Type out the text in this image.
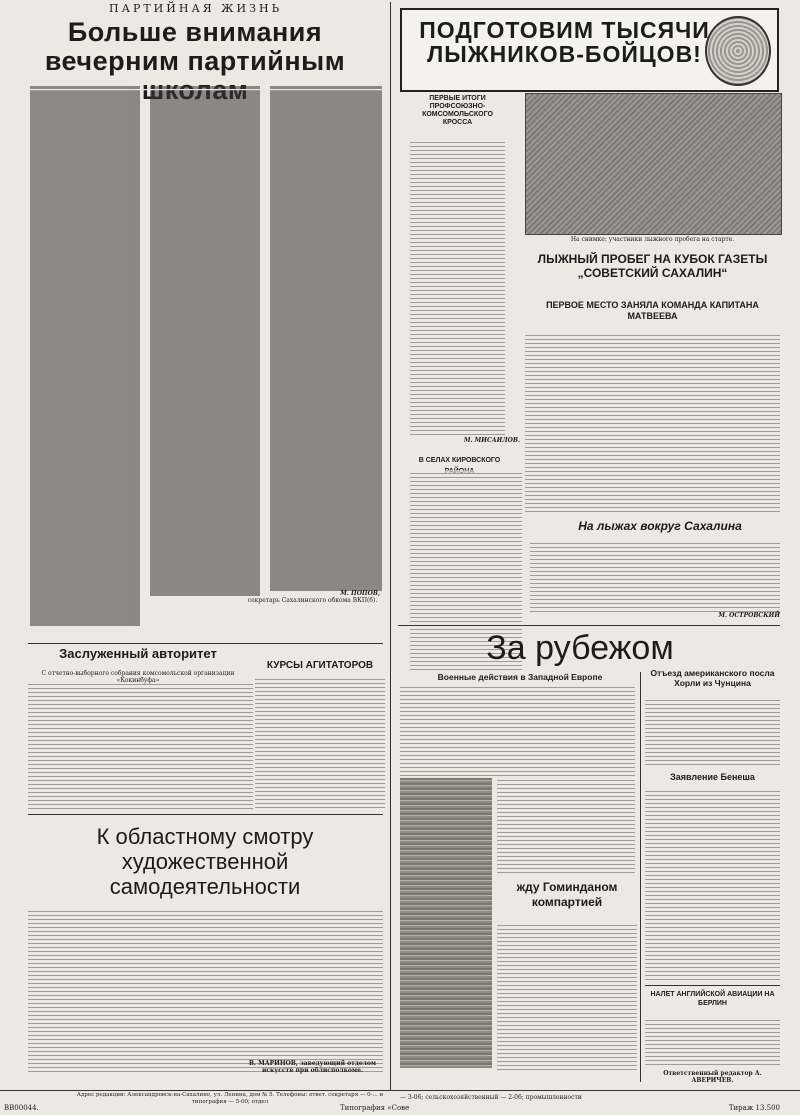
ПАРТИЙНАЯ ЖИЗНЬ
Больше внимания вечерним партийным
М. ПОПОВ,
секретарь Сахалинского обкома ВКП(б).
Заслуженный авторитет
С отчетно-выборного собрания комсомольской организации «Кокинбуфа»
КУРСЫ АГИТАТОРОВ
К областному смотру художественной самодеятельности
В. МАРИНОВ, заведующий отделом искусств при облисполкоме.
ПОДГОТОВИМ ТЫСЯЧИ ЛЫЖНИКОВ-БОЙЦОВ!
ПЕРВЫЕ ИТОГИ ПРОФСОЮЗНО-КОМСОМОЛЬСКОГО КРОССА
М. МИСАИЛОВ.
В СЕЛАХ КИРОВСКОГО
На снимке: участники лыжного пробега на старте.
ЛЫЖНЫЙ ПРОБЕГ НА КУБОК ГАЗЕТЫ „СОВЕТСКИЙ САХАЛИН“
ПЕРВОЕ МЕСТО ЗАНЯЛА КОМАНДА КАПИТАНА МАТВЕЕВА
На лыжах вокруг Сахалина
М. ОСТРОВСКИЙ
За рубежом
Военные действия в Западной Европе
жду Гоминданом компартией
Отъезд американского посла Хорли из Чунцина
Заявление Бенеша
НАЛЕТ АНГЛИЙСКОЙ АВИАЦИИ НА БЕРЛИН
Ответственный редактор А. АВЕРИЧЕВ.
Адрес редакции: Александровск-на-Сахалине, ул. Ленина, дом № 5. Телефоны: ответ. секретаря — 0-... и типография — 5-00; отдел
— 3-06; сельскохозяйственный — 2-06; промышленности
ВВ00044.	Типография «Сове	Тираж 13.500
